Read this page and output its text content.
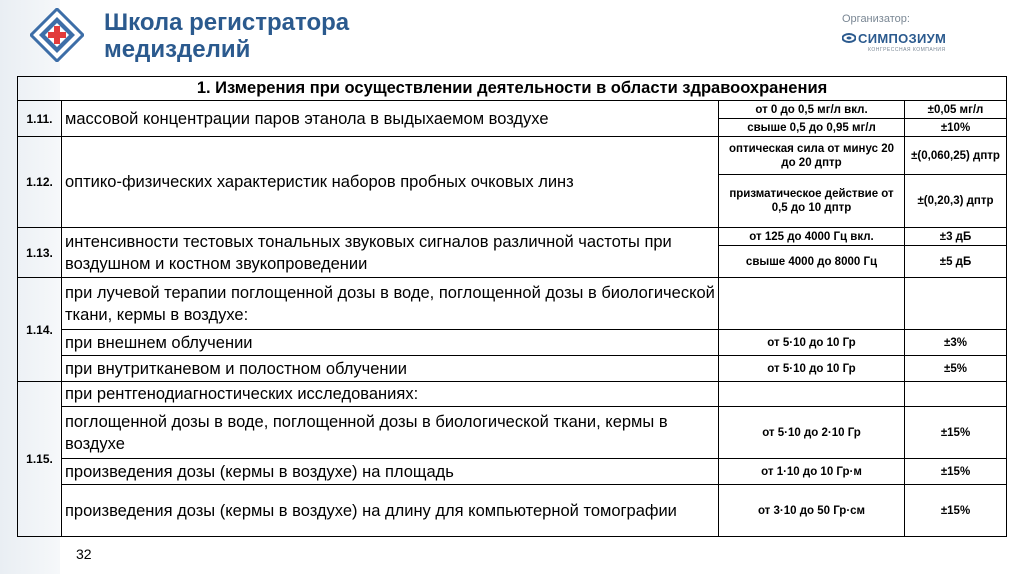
Школа регистратора
медизделий
Организатор:
СИМПОЗИУМ
КОНГРЕССНАЯ КОМПАНИЯ
1. Измерения при осуществлении деятельности в области здравоохранения			
1.11.	массовой концентрации паров этанола в выдыхаемом воздухе	от 0 до 0,5 мг/л вкл.	±0,05 мг/л
		свыше 0,5 до 0,95 мг/л	±10%
1.12.	оптико-физических характеристик наборов пробных очковых линз	оптическая сила от минус 20 до 20 дптр	±(0,060,25) дптр
		призматическое действие от 0,5 до 10 дптр	±(0,20,3) дптр
1.13.	интенсивности тестовых тональных звуковых сигналов различной частоты при воздушном и костном звукопроведении	от 125 до 4000 Гц вкл.	±3 дБ
		свыше 4000 до 8000 Гц	±5 дБ
1.14.	при лучевой терапии поглощенной дозы в воде, поглощенной дозы в биологической ткани, кермы в воздухе:		
	при внешнем облучении	от 5·10 до 10 Гр	±3%
	при внутритканевом и полостном облучении	от 5·10 до 10 Гр	±5%
1.15.	при рентгенодиагностических исследованиях:		
	поглощенной дозы в воде, поглощенной дозы в биологической ткани, кермы в воздухе	от 5·10 до 2·10 Гр	±15%
	произведения дозы (кермы в воздухе) на площадь	от 1·10 до 10 Гр·м	±15%
	произведения дозы (кермы в воздухе) на длину для компьютерной томографии	от 3·10 до 50 Гр·см	±15%
32
